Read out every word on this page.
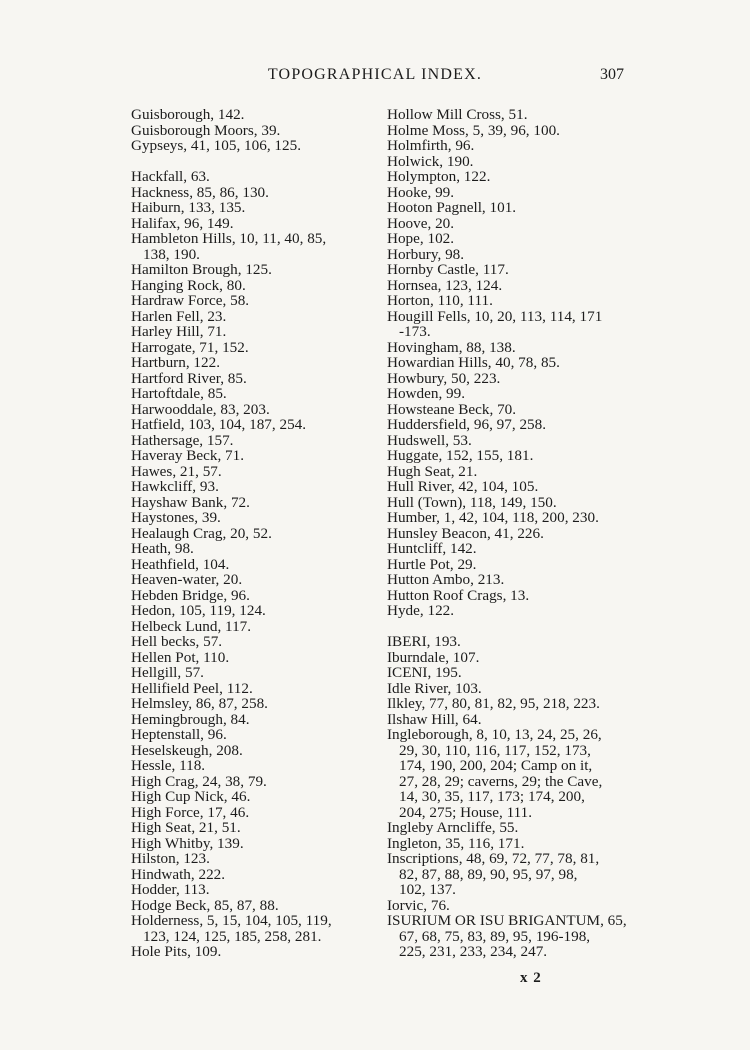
TOPOGRAPHICAL INDEX.	307
Guisborough, 142.
Guisborough Moors, 39.
Gypseys, 41, 105, 106, 125.
Hackfall, 63.
Hackness, 85, 86, 130.
Haiburn, 133, 135.
Halifax, 96, 149.
Hambleton Hills, 10, 11, 40, 85,
138, 190.
Hamilton Brough, 125.
Hanging Rock, 80.
Hardraw Force, 58.
Harlen Fell, 23.
Harley Hill, 71.
Harrogate, 71, 152.
Hartburn, 122.
Hartford River, 85.
Hartoftdale, 85.
Harwooddale, 83, 203.
Hatfield, 103, 104, 187, 254.
Hathersage, 157.
Haveray Beck, 71.
Hawes, 21, 57.
Hawkcliff, 93.
Hayshaw Bank, 72.
Haystones, 39.
Healaugh Crag, 20, 52.
Heath, 98.
Heathfield, 104.
Heaven-water, 20.
Hebden Bridge, 96.
Hedon, 105, 119, 124.
Helbeck Lund, 117.
Hell becks, 57.
Hellen Pot, 110.
Hellgill, 57.
Hellifield Peel, 112.
Helmsley, 86, 87, 258.
Hemingbrough, 84.
Heptenstall, 96.
Heselskeugh, 208.
Hessle, 118.
High Crag, 24, 38, 79.
High Cup Nick, 46.
High Force, 17, 46.
High Seat, 21, 51.
High Whitby, 139.
Hilston, 123.
Hindwath, 222.
Hodder, 113.
Hodge Beck, 85, 87, 88.
Holderness, 5, 15, 104, 105, 119,
123, 124, 125, 185, 258, 281.
Hole Pits, 109.
Hollow Mill Cross, 51.
Holme Moss, 5, 39, 96, 100.
Holmfirth, 96.
Holwick, 190.
Holympton, 122.
Hooke, 99.
Hooton Pagnell, 101.
Hoove, 20.
Hope, 102.
Horbury, 98.
Hornby Castle, 117.
Hornsea, 123, 124.
Horton, 110, 111.
Hougill Fells, 10, 20, 113, 114, 171
-173.
Hovingham, 88, 138.
Howardian Hills, 40, 78, 85.
Howbury, 50, 223.
Howden, 99.
Howsteane Beck, 70.
Huddersfield, 96, 97, 258.
Hudswell, 53.
Huggate, 152, 155, 181.
Hugh Seat, 21.
Hull River, 42, 104, 105.
Hull (Town), 118, 149, 150.
Humber, 1, 42, 104, 118, 200, 230.
Hunsley Beacon, 41, 226.
Huntcliff, 142.
Hurtle Pot, 29.
Hutton Ambo, 213.
Hutton Roof Crags, 13.
Hyde, 122.
IBERI, 193.
Iburndale, 107.
ICENI, 195.
Idle River, 103.
Ilkley, 77, 80, 81, 82, 95, 218, 223.
Ilshaw Hill, 64.
Ingleborough, 8, 10, 13, 24, 25, 26,
29, 30, 110, 116, 117, 152, 173,
174, 190, 200, 204; Camp on it,
27, 28, 29; caverns, 29; the Cave,
14, 30, 35, 117, 173; 174, 200,
204, 275; House, 111.
Ingleby Arncliffe, 55.
Ingleton, 35, 116, 171.
Inscriptions, 48, 69, 72, 77, 78, 81,
82, 87, 88, 89, 90, 95, 97, 98,
102, 137.
Iorvic, 76.
ISURIUM OR ISU BRIGANTUM, 65,
67, 68, 75, 83, 89, 95, 196-198,
225, 231, 233, 234, 247.
x 2
